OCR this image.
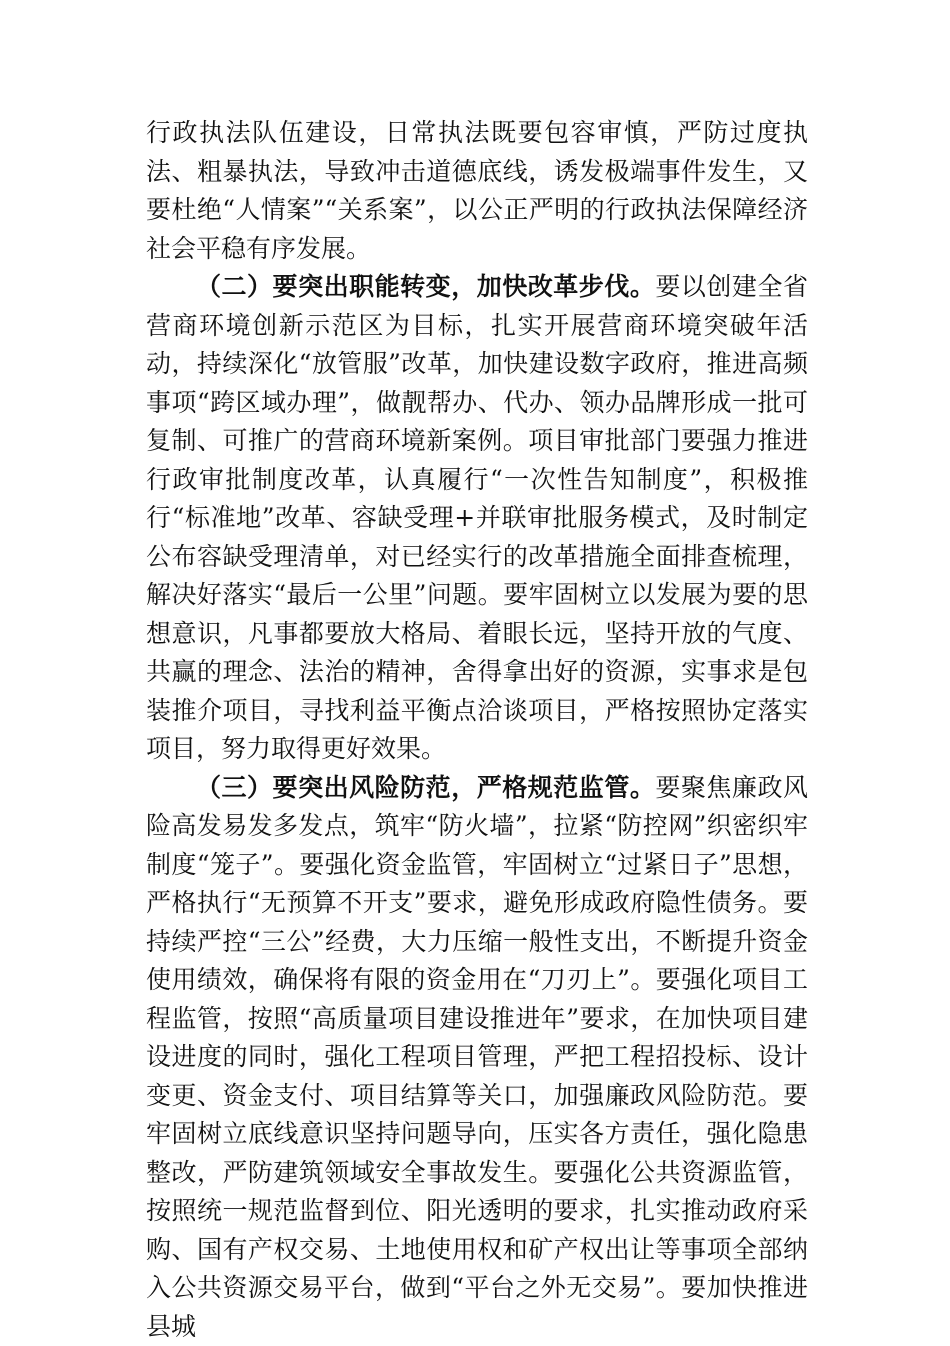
行政执法队伍建设，日常执法既要包容审慎，严防过度执法、粗暴执法，导致冲击道德底线，诱发极端事件发生，又要杜绝“人情案”“关系案”，以公正严明的行政执法保障经济社会平稳有序发展。

（二）要突出职能转变，加快改革步伐。要以创建全省营商环境创新示范区为目标，扎实开展营商环境突破年活动，持续深化“放管服”改革，加快建设数字政府，推进高频事项“跨区域办理”，做靓帮办、代办、领办品牌形成一批可复制、可推广的营商环境新案例。项目审批部门要强力推进行政审批制度改革，认真履行“一次性告知制度”，积极推行“标准地”改革、容缺受理+并联审批服务模式，及时制定公布容缺受理清单，对已经实行的改革措施全面排查梳理，解决好落实“最后一公里”问题。要牢固树立以发展为要的思想意识，凡事都要放大格局、着眼长远，坚持开放的气度、共赢的理念、法治的精神，舍得拿出好的资源，实事求是包装推介项目，寻找利益平衡点洽谈项目，严格按照协定落实项目，努力取得更好效果。

（三）要突出风险防范，严格规范监管。要聚焦廉政风险高发易发多发点，筑牢“防火墙”，拉紧“防控网”织密织牢制度“笼子”。要强化资金监管，牢固树立“过紧日子”思想，严格执行“无预算不开支”要求，避免形成政府隐性债务。要持续严控“三公”经费，大力压缩一般性支出，不断提升资金使用绩效，确保将有限的资金用在“刀刃上”。要强化项目工程监管，按照“高质量项目建设推进年”要求，在加快项目建设进度的同时，强化工程项目管理，严把工程招投标、设计变更、资金支付、项目结算等关口，加强廉政风险防范。要牢固树立底线意识坚持问题导向，压实各方责任，强化隐患整改，严防建筑领域安全事故发生。要强化公共资源监管，按照统一规范监督到位、阳光透明的要求，扎实推动政府采购、国有产权交易、土地使用权和矿产权出让等事项全部纳入公共资源交易平台，做到“平台之外无交易”。要加快推进县城
